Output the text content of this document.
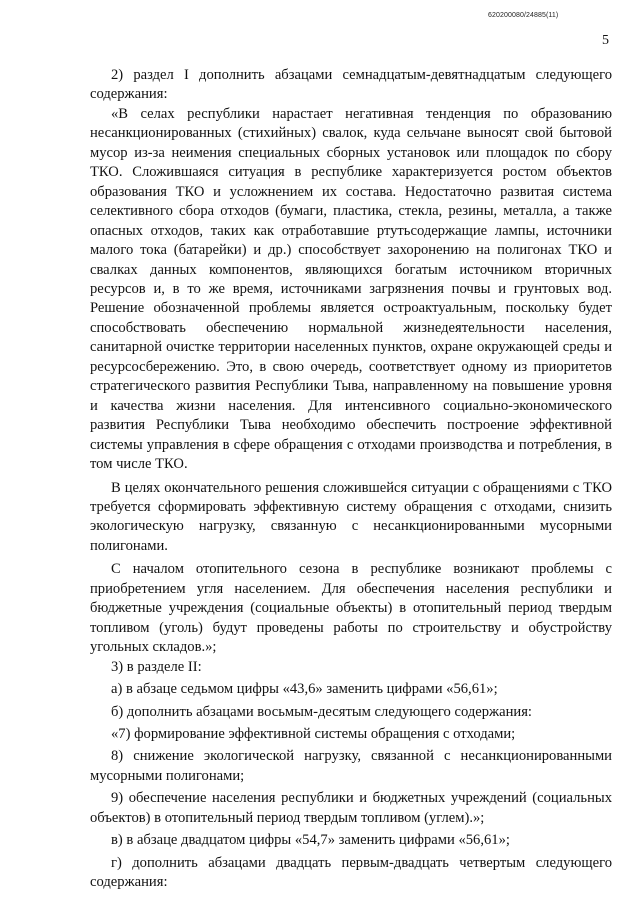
620200080/24885(11)
5

2) раздел I дополнить абзацами семнадцатым-девятнадцатым следующего содержания:

«В селах республики нарастает негативная тенденция по образованию несанкционированных (стихийных) свалок, куда сельчане выносят свой бытовой мусор из-за неимения специальных сборных установок или площадок по сбору ТКО. Сложившаяся ситуация в республике характеризуется ростом объектов образования ТКО и усложнением их состава. Недостаточно развитая система селективного сбора отходов (бумаги, пластика, стекла, резины, металла, а также опасных отходов, таких как отработавшие ртутьсодержащие лампы, источники малого тока (батарейки) и др.) способствует захоронению на полигонах ТКО и свалках данных компонентов, являющихся богатым источником вторичных ресурсов и, в то же время, источниками загрязнения почвы и грунтовых вод. Решение обозначенной проблемы является остроактуальным, поскольку будет способствовать обеспечению нормальной жизнедеятельности населения, санитарной очистке территории населенных пунктов, охране окружающей среды и ресурсосбережению. Это, в свою очередь, соответствует одному из приоритетов стратегического развития Республики Тыва, направленному на повышение уровня и качества жизни населения. Для интенсивного социально-экономического развития Республики Тыва необходимо обеспечить построение эффективной системы управления в сфере обращения с отходами производства и потребления, в том числе ТКО.

В целях окончательного решения сложившейся ситуации с обращениями с ТКО требуется сформировать эффективную систему обращения с отходами, снизить экологическую нагрузку, связанную с несанкционированными мусорными полигонами.

С началом отопительного сезона в республике возникают проблемы с приобретением угля населением. Для обеспечения населения республики и бюджетные учреждения (социальные объекты) в отопительный период твердым топливом (уголь) будут проведены работы по строительству и обустройству угольных складов.»;

3) в разделе II:

а) в абзаце седьмом цифры «43,6» заменить цифрами «56,61»;

б) дополнить абзацами восьмым-десятым следующего содержания:

«7) формирование эффективной системы обращения с отходами;

8) снижение экологической нагрузку, связанной с несанкционированными мусорными полигонами;

9) обеспечение населения республики и бюджетных учреждений (социальных объектов) в отопительный период твердым топливом (углем).»;

в) в абзаце двадцатом цифры «54,7» заменить цифрами «56,61»;

г) дополнить абзацами двадцать первым-двадцать четвертым следующего содержания:
